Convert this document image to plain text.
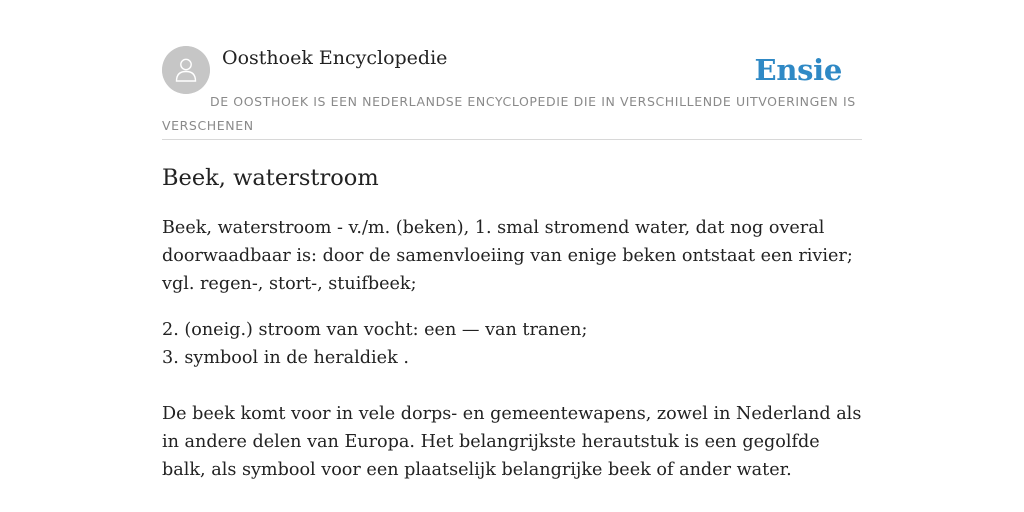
Oosthoek Encyclopedie	Ensie
DE OOSTHOEK IS EEN NEDERLANDSE ENCYCLOPEDIE DIE IN VERSCHILLENDE UITVOERINGEN IS VERSCHENEN
Beek, waterstroom

Beek, waterstroom - v./m. (beken), 1. smal stromend water, dat nog overal doorwaadbaar is: door de samenvloeiing van enige beken ontstaat een rivier; vgl. regen-, stort-, stuifbeek;

2. (oneig.) stroom van vocht: een — van tranen;
3. symbool in de heraldiek .

De beek komt voor in vele dorps- en gemeentewapens, zowel in Nederland als in andere delen van Europa. Het belangrijkste herautstuk is een gegolfde balk, als symbool voor een plaatselijk belangrijke beek of ander water.
